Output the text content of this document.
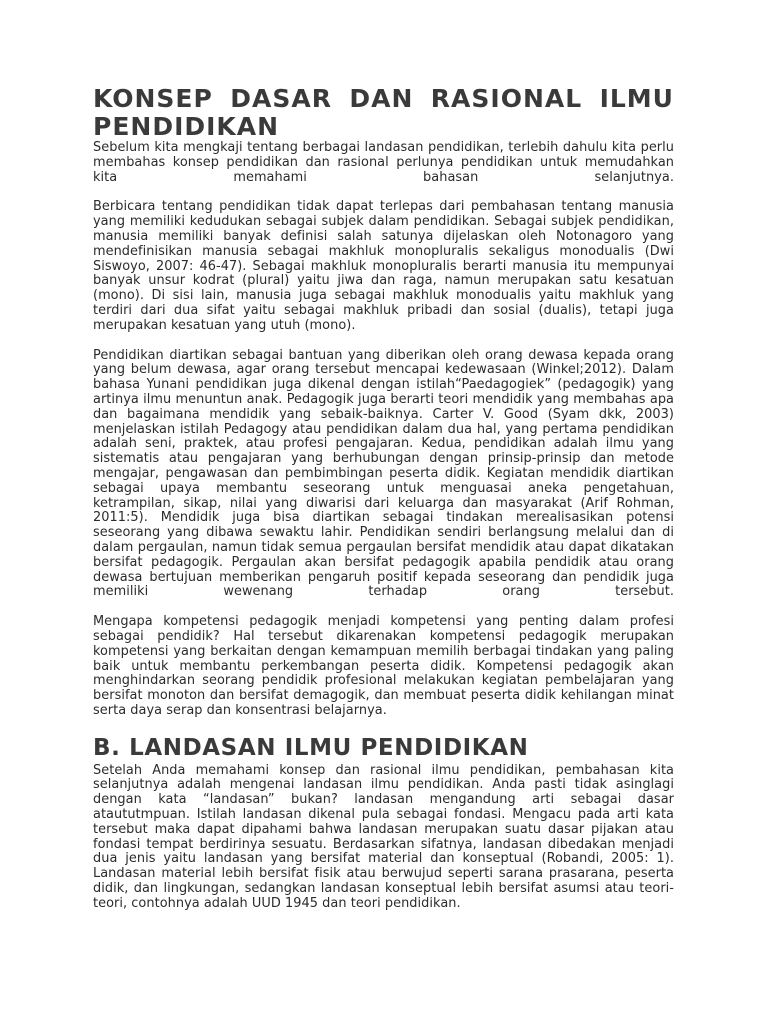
KONSEP DASAR DAN RASIONAL ILMU PENDIDIKAN

Sebelum kita mengkaji tentang berbagai landasan pendidikan, terlebih dahulu kita perlu membahas konsep pendidikan dan rasional perlunya pendidikan untuk memudahkan kita memahami bahasan selanjutnya.

Berbicara tentang pendidikan tidak dapat terlepas dari pembahasan tentang manusia yang memiliki kedudukan sebagai subjek dalam pendidikan. Sebagai subjek pendidikan, manusia memiliki banyak definisi salah satunya dijelaskan oleh Notonagoro yang mendefinisikan manusia sebagai makhluk monopluralis sekaligus monodualis (Dwi Siswoyo, 2007: 46-47). Sebagai makhluk monopluralis berarti manusia itu mempunyai banyak unsur kodrat (plural) yaitu jiwa dan raga, namun merupakan satu kesatuan (mono). Di sisi lain, manusia juga sebagai makhluk monodualis yaitu makhluk yang terdiri dari dua sifat yaitu sebagai makhluk pribadi dan sosial (dualis), tetapi juga merupakan kesatuan yang utuh (mono).

Pendidikan diartikan sebagai bantuan yang diberikan oleh orang dewasa kepada orang yang belum dewasa, agar orang tersebut mencapai kedewasaan (Winkel;2012). Dalam bahasa Yunani pendidikan juga dikenal dengan istilah“Paedagogiek” (pedagogik) yang artinya ilmu menuntun anak. Pedagogik juga berarti teori mendidik yang membahas apa dan bagaimana mendidik yang sebaik-baiknya. Carter V. Good (Syam dkk, 2003) menjelaskan istilah Pedagogy atau pendidikan dalam dua hal, yang pertama pendidikan adalah seni, praktek, atau profesi pengajaran. Kedua, pendidikan adalah ilmu yang sistematis atau pengajaran yang berhubungan dengan prinsip-prinsip dan metode mengajar, pengawasan dan pembimbingan peserta didik. Kegiatan mendidik diartikan sebagai upaya membantu seseorang untuk menguasai aneka pengetahuan, ketrampilan, sikap, nilai yang diwarisi dari keluarga dan masyarakat (Arif Rohman, 2011:5). Mendidik juga bisa diartikan sebagai tindakan merealisasikan potensi seseorang yang dibawa sewaktu lahir. Pendidikan sendiri berlangsung melalui dan di dalam pergaulan, namun tidak semua pergaulan bersifat mendidik atau dapat dikatakan bersifat pedagogik. Pergaulan akan bersifat pedagogik apabila pendidik atau orang dewasa bertujuan memberikan pengaruh positif kepada seseorang dan pendidik juga memiliki wewenang terhadap orang tersebut.

Mengapa kompetensi pedagogik menjadi kompetensi yang penting dalam profesi sebagai pendidik? Hal tersebut dikarenakan kompetensi pedagogik merupakan kompetensi yang berkaitan dengan kemampuan memilih berbagai tindakan yang paling baik untuk membantu perkembangan peserta didik. Kompetensi pedagogik akan menghindarkan seorang pendidik profesional melakukan kegiatan pembelajaran yang bersifat monoton dan bersifat demagogik, dan membuat peserta didik kehilangan minat serta daya serap dan konsentrasi belajarnya.

B. LANDASAN ILMU PENDIDIKAN

Setelah Anda memahami konsep dan rasional ilmu pendidikan, pembahasan kita selanjutnya adalah mengenai landasan ilmu pendidikan. Anda pasti tidak asinglagi dengan kata “landasan” bukan? landasan mengandung arti sebagai dasar ataututmpuan. Istilah landasan dikenal pula sebagai fondasi. Mengacu pada arti kata tersebut maka dapat dipahami bahwa landasan merupakan suatu dasar pijakan atau fondasi tempat berdirinya sesuatu. Berdasarkan sifatnya, landasan dibedakan menjadi dua jenis yaitu landasan yang bersifat material dan konseptual (Robandi, 2005: 1). Landasan material lebih bersifat fisik atau berwujud seperti sarana prasarana, peserta didik, dan lingkungan, sedangkan landasan konseptual lebih bersifat asumsi atau teori-teori, contohnya adalah UUD 1945 dan teori pendidikan.
